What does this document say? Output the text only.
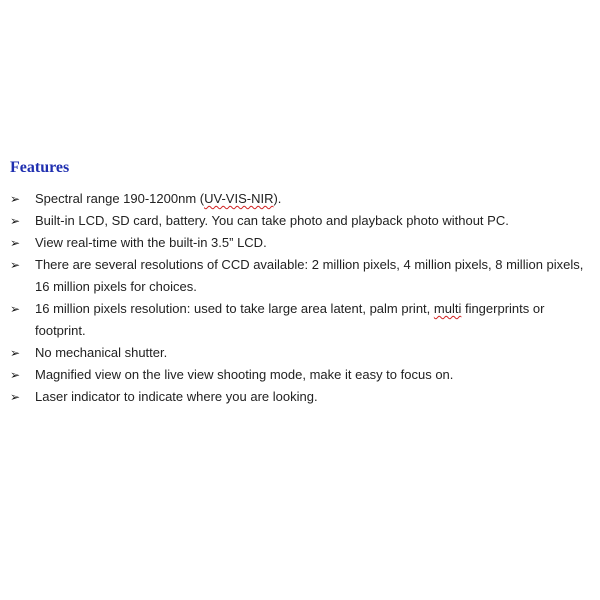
Features
➢	Spectral range 190-1200nm (UV-VIS-NIR).
➢	Built-in LCD, SD card, battery. You can take photo and playback photo without PC.
➢	View real-time with the built-in 3.5” LCD.
➢	There are several resolutions of CCD available: 2 million pixels, 4 million pixels, 8 million pixels, 16 million pixels for choices.
➢	16 million pixels resolution: used to take large area latent, palm print, multi fingerprints or footprint.
➢	No mechanical shutter.
➢	Magnified view on the live view shooting mode, make it easy to focus on.
➢	Laser indicator to indicate where you are looking.
